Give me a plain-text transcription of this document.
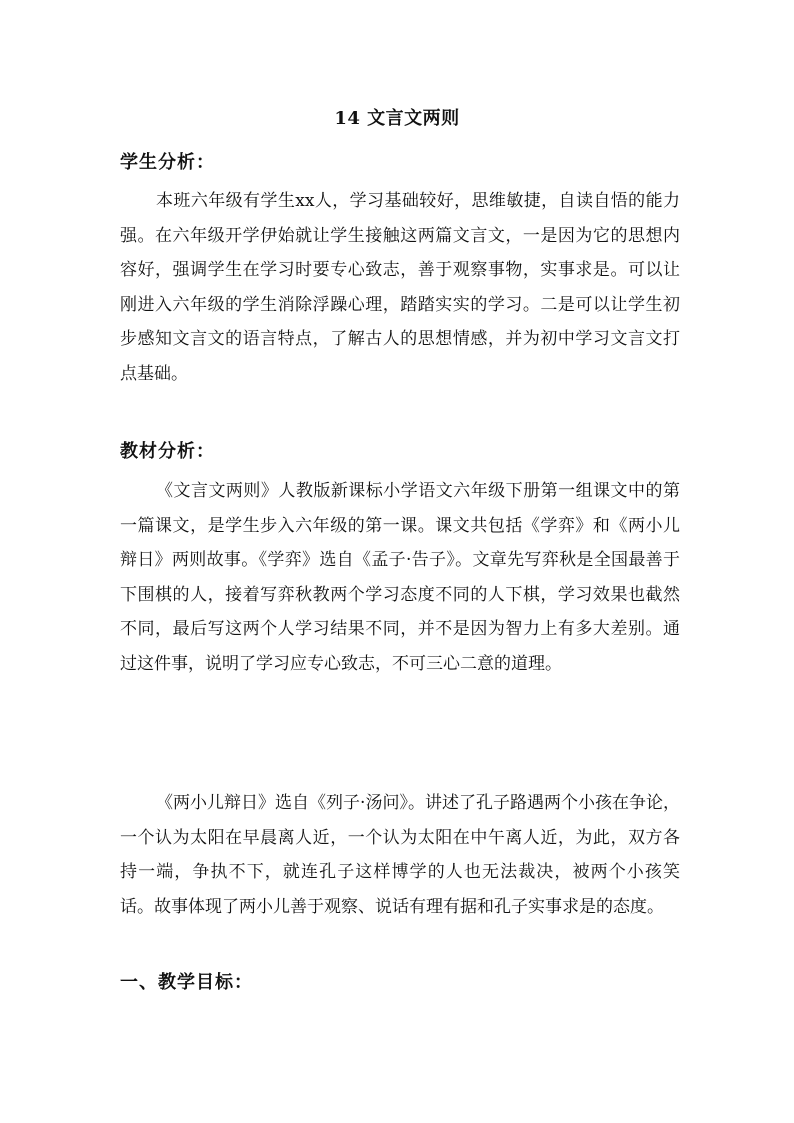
14 文言文两则
学生分析：
本班六年级有学生xx人，学习基础较好，思维敏捷，自读自悟的能力强。在六年级开学伊始就让学生接触这两篇文言文，一是因为它的思想内容好，强调学生在学习时要专心致志，善于观察事物，实事求是。可以让刚进入六年级的学生消除浮躁心理，踏踏实实的学习。二是可以让学生初步感知文言文的语言特点，了解古人的思想情感，并为初中学习文言文打点基础。
教材分析：
《文言文两则》人教版新课标小学语文六年级下册第一组课文中的第一篇课文，是学生步入六年级的第一课。课文共包括《学弈》和《两小儿辩日》两则故事。《学弈》选自《孟子·告子》。文章先写弈秋是全国最善于下围棋的人，接着写弈秋教两个学习态度不同的人下棋，学习效果也截然不同，最后写这两个人学习结果不同，并不是因为智力上有多大差别。通过这件事，说明了学习应专心致志，不可三心二意的道理。
《两小儿辩日》选自《列子·汤问》。讲述了孔子路遇两个小孩在争论，一个认为太阳在早晨离人近，一个认为太阳在中午离人近，为此，双方各持一端，争执不下，就连孔子这样博学的人也无法裁决，被两个小孩笑话。故事体现了两小儿善于观察、说话有理有据和孔子实事求是的态度。
一、教学目标：
